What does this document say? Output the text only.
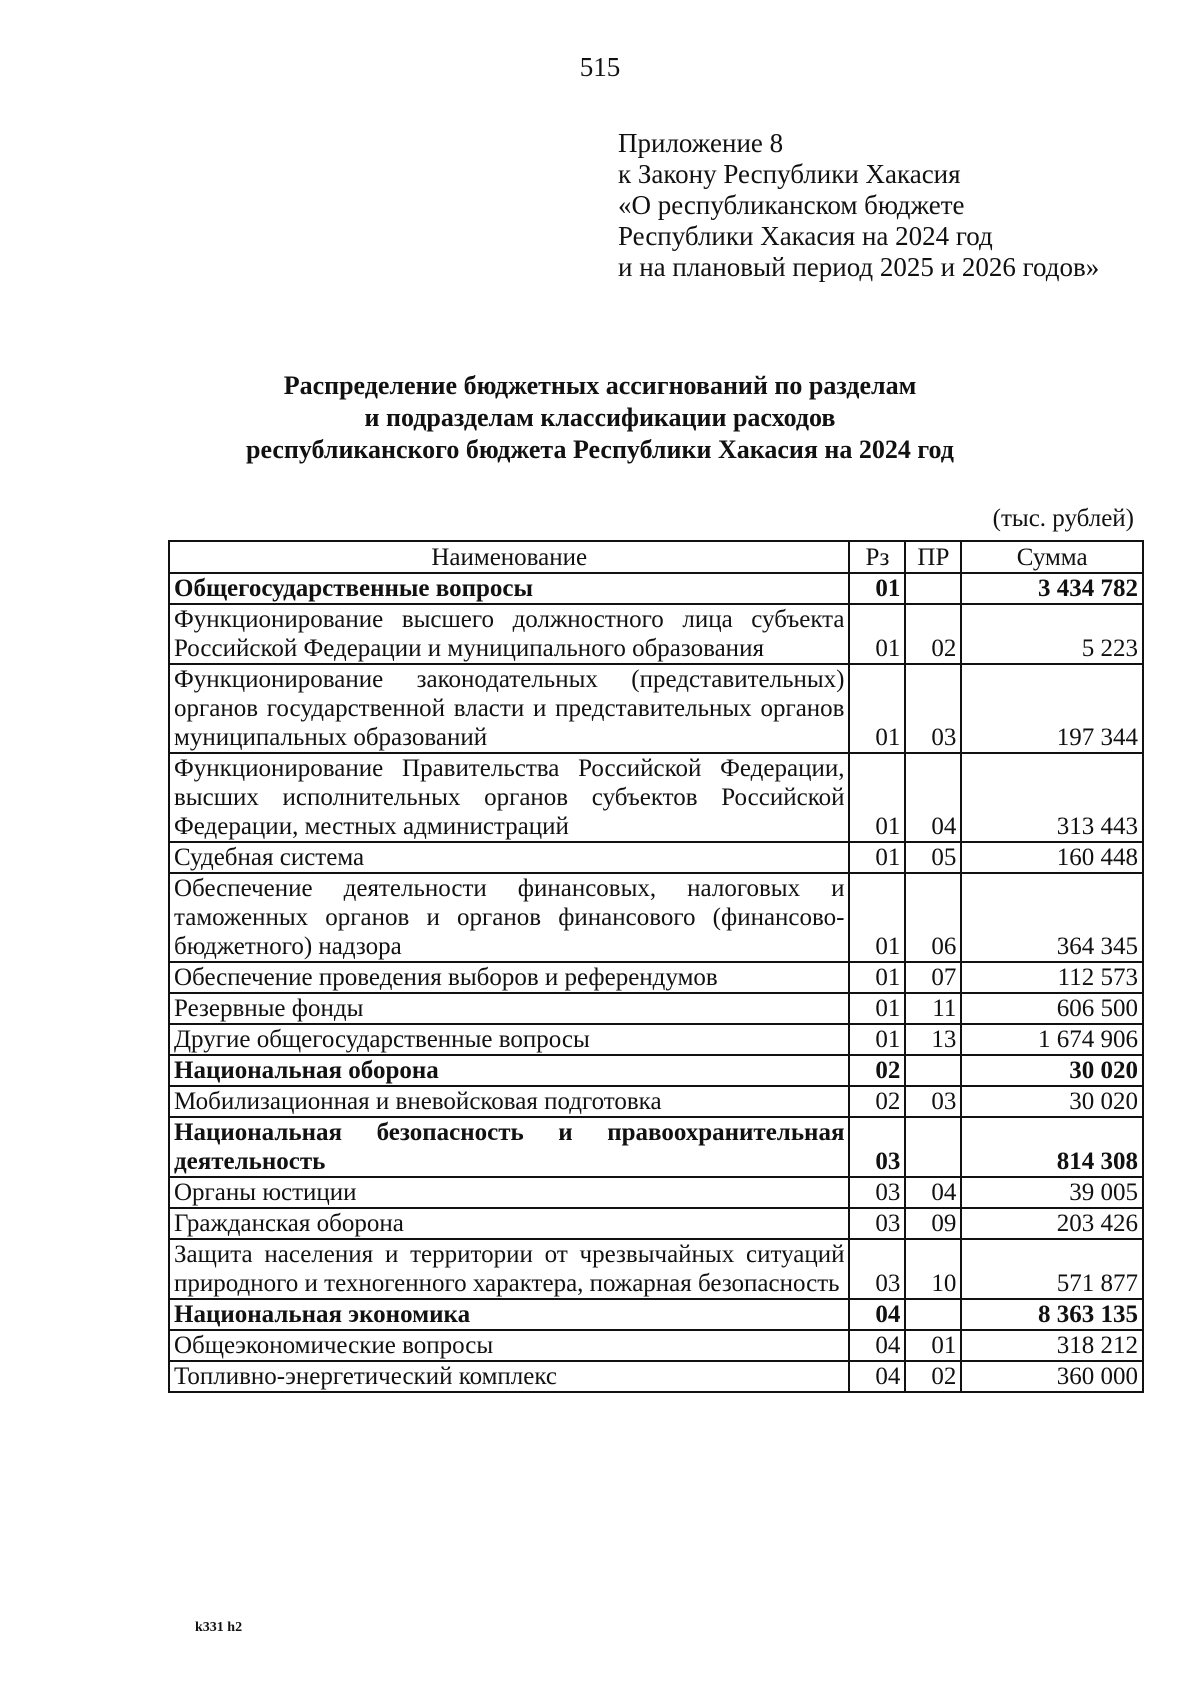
515
Приложение 8
к Закону Республики Хакасия
«О республиканском бюджете
Республики Хакасия на 2024 год
и на плановый период 2025 и 2026 годов»
Распределение бюджетных ассигнований по разделам
и подразделам классификации расходов
республиканского бюджета Республики Хакасия на 2024 год
(тыс. рублей)
Наименование	Рз	ПР	Сумма
Общегосударственные вопросы	01		3 434 782
Функционирование высшего должностного лица субъекта Российской Федерации и муниципального образования	01	02	5 223
Функционирование законодательных (представительных) органов государственной власти и представительных органов муниципальных образований	01	03	197 344
Функционирование Правительства Российской Федерации, высших исполнительных органов субъектов Российской Федерации, местных администраций	01	04	313 443
Судебная система	01	05	160 448
Обеспечение деятельности финансовых, налоговых и таможенных органов и органов финансового (финансово-бюджетного) надзора	01	06	364 345
Обеспечение проведения выборов и референдумов	01	07	112 573
Резервные фонды	01	11	606 500
Другие общегосударственные вопросы	01	13	1 674 906
Национальная оборона	02		30 020
Мобилизационная и вневойсковая подготовка	02	03	30 020
Национальная безопасность и правоохранительная деятельность	03		814 308
Органы юстиции	03	04	39 005
Гражданская оборона	03	09	203 426
Защита населения и территории от чрезвычайных ситуаций природного и техногенного характера, пожарная безопасность	03	10	571 877
Национальная экономика	04		8 363 135
Общеэкономические вопросы	04	01	318 212
Топливно-энергетический комплекс	04	02	360 000
k331 h2
